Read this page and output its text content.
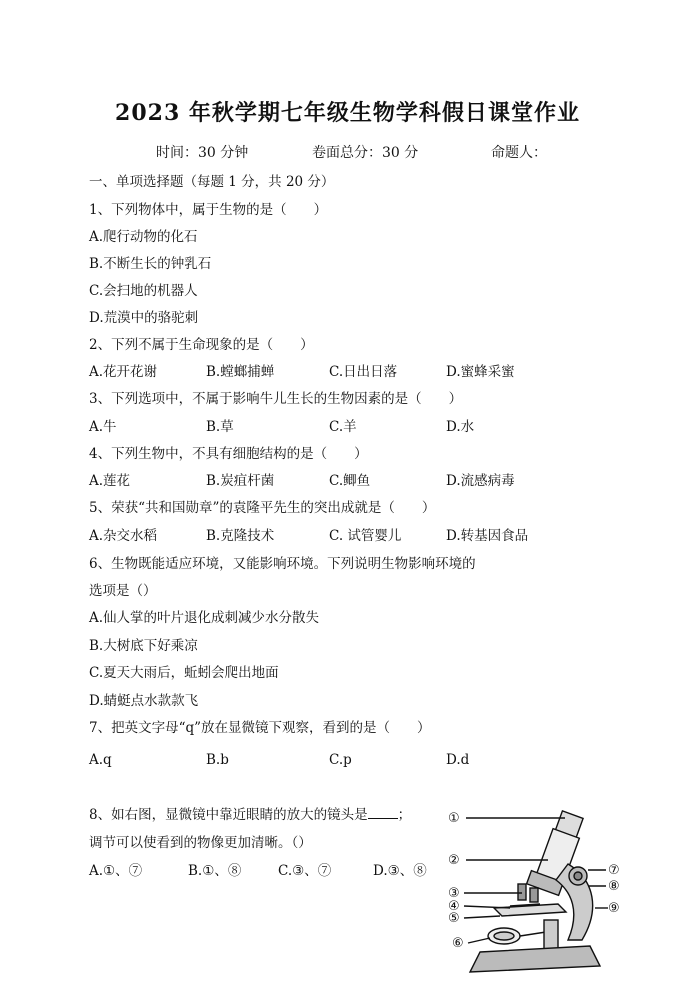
2023 年秋学期七年级生物学科假日课堂作业
时间：30 分钟	卷面总分：30 分	命题人：
一、单项选择题（每题 1 分，共 20 分）
1、下列物体中，属于生物的是（　　）
A.爬行动物的化石
B.不断生长的钟乳石
C.会扫地的机器人
D.荒漠中的骆驼刺
2、下列不属于生命现象的是（　　）
A.花开花谢	B.螳螂捕蝉	C.日出日落	D.蜜蜂采蜜
3、下列选项中，不属于影响牛儿生长的生物因素的是（　　）
A.牛	B.草	C.羊	D.水
4、下列生物中，不具有细胞结构的是（　　）
A.莲花	B.炭疽杆菌	C.鲫鱼	D.流感病毒
5、荣获“共和国勋章”的袁隆平先生的突出成就是（　　）
A.杂交水稻	B.克隆技术	C. 试管婴儿	D.转基因食品
6、生物既能适应环境，又能影响环境。下列说明生物影响环境的
选项是（）
A.仙人掌的叶片退化成刺减少水分散失
B.大树底下好乘凉
C.夏天大雨后，蚯蚓会爬出地面
D.蜻蜓点水款款飞
7、把英文字母“q”放在显微镜下观察，看到的是（　　）
A.q	B.b	C.p	D.d
8、如右图，显微镜中靠近眼睛的放大的镜头是 ；
调节可以使看到的物像更加清晰。（）
A.①、⑦	B.①、⑧	C.③、⑦	D.③、⑧
①
②
③
④
⑤
⑥
⑦
⑧
⑨
